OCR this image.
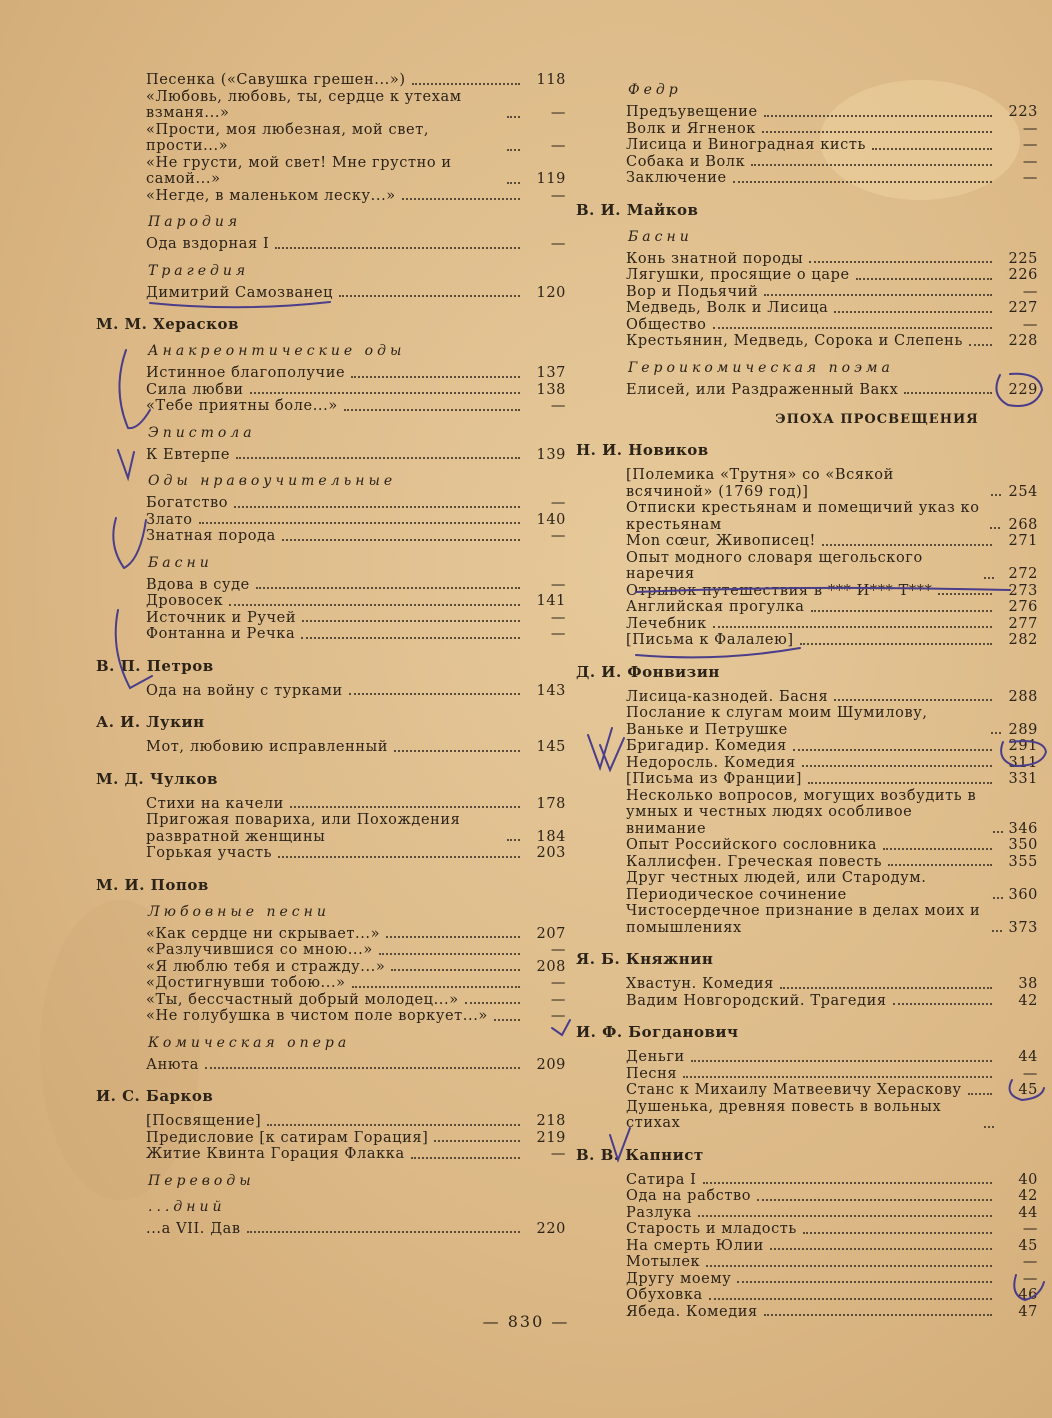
Песенка («Савушка грешен...»)	118
«Любовь, любовь, ты, сердце к утехам взманя...»	—
«Прости, моя любезная, мой свет, прости...»	—
«Не грусти, мой свет! Мне грустно и самой...»	119
«Негде, в маленьком леску...»	—
Пародия
Ода вздорная I	—
Трагедия
Димитрий Самозванец	120
М. М. Херасков
Анакреонтические оды
Истинное благополучие	137
Сила любви	138
«Тебе приятны боле...»	—
Эпистола
К Евтерпе	139
Оды нравоучительные
Богатство	—
Злато	140
Знатная порода	—
Басни
Вдова в суде	—
Дровосек	141
Источник и Ручей	—
Фонтанна и Речка	—
В. П. Петров
Ода на войну с турками	143
А. И. Лукин
Мот, любовию исправленный	145
М. Д. Чулков
Стихи на качели	178
Пригожая повариха, или Похождения развратной женщины	184
Горькая участь	203
М. И. Попов
Любовные песни
«Как сердце ни скрывает...»	207
«Разлучившися со мною...»	—
«Я люблю тебя и стражду...»	208
«Достигнувши тобою...»	—
«Ты, бессчастный добрый молодец...»	—
«Не голубушка в чистом поле воркует...»	—
Комическая опера
Анюта	209
И. С. Барков
[Посвящение]	218
Предисловие [к сатирам Горация]	219
Житие Квинта Горация Флакка	—
Переводы
...дний
...а VII. Дав	220
Федр
Предъувещение	223
Волк и Ягненок	—
Лисица и Виноградная кисть	—
Собака и Волк	—
Заключение	—
В. И. Майков
Басни
Конь знатной породы	225
Лягушки, просящие о царе	226
Вор и Подьячий	—
Медведь, Волк и Лисица	227
Общество	—
Крестьянин, Медведь, Сорока и Слепень	228
Героикомическая поэма
Елисей, или Раздраженный Вакх	229
ЭПОХА ПРОСВЕЩЕНИЯ
Н. И. Новиков
[Полемика «Трутня» со «Всякой всячиной» (1769 год)]	254
Отписки крестьянам и помещичий указ ко крестьянам	268
Mon cœur, Живописец!	271
Опыт модного словаря щегольского наречия	272
Отрывок путешествия в *** И*** Т***	273
Английская прогулка	276
Лечебник	277
[Письма к Фалалею]	282
Д. И. Фонвизин
Лисица-казнодей. Басня	288
Послание к слугам моим Шумилову, Ваньке и Петрушке	289
Бригадир. Комедия	291
Недоросль. Комедия	311
[Письма из Франции]	331
Несколько вопросов, могущих возбудить в умных и честных людях особливое внимание	346
Опыт Российского сословника	350
Каллисфен. Греческая повесть	355
Друг честных людей, или Стародум. Периодическое сочинение	360
Чистосердечное признание в делах моих и помышлениях	373
Я. Б. Княжнин
Хвастун. Комедия	38
Вадим Новгородский. Трагедия	42
И. Ф. Богданович
Деньги	44
Песня	—
Станс к Михаилу Матвеевичу Хераскову	45
Душенька, древняя повесть в вольных стихах
В. В. Капнист
Сатира I	40
Ода на рабство	42
Разлука	44
Старость и младость	—
На смерть Юлии	45
Мотылек	—
Другу моему	—
Обуховка	46
Ябеда. Комедия	47
— 830 —
